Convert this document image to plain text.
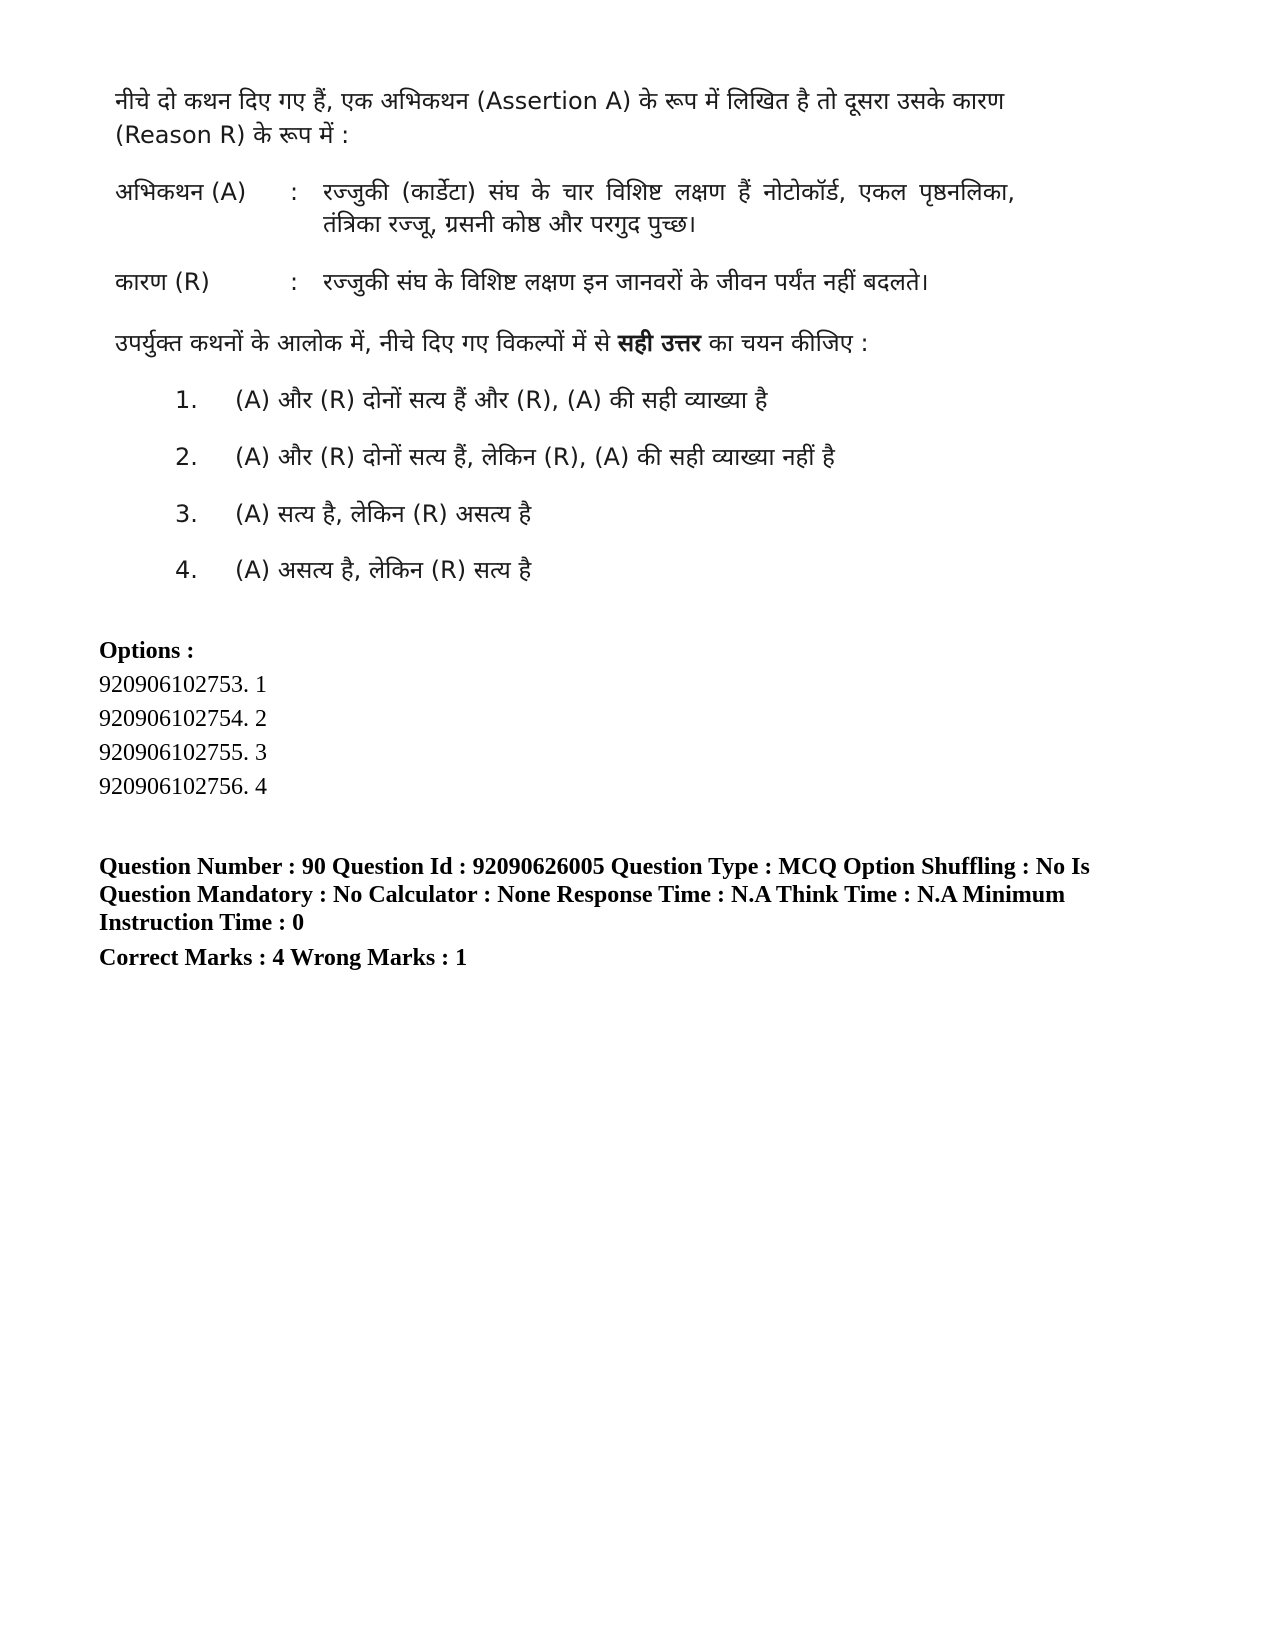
नीचे दो कथन दिए गए हैं, एक अभिकथन (Assertion A) के रूप में लिखित है तो दूसरा उसके कारण (Reason R) के रूप में :
अभिकथन (A)	: रज्जुकी (कार्डेटा) संघ के चार विशिष्ट लक्षण हैं नोटोकॉर्ड, एकल पृष्ठनलिका, तंत्रिका रज्जू, ग्रसनी कोष्ठ और परगुद पुच्छ।
कारण (R)	: रज्जुकी संघ के विशिष्ट लक्षण इन जानवरों के जीवन पर्यंत नहीं बदलते।
उपर्युक्त कथनों के आलोक में, नीचे दिए गए विकल्पों में से सही उत्तर का चयन कीजिए :
1. (A) और (R) दोनों सत्य हैं और (R), (A) की सही व्याख्या है
2. (A) और (R) दोनों सत्य हैं, लेकिन (R), (A) की सही व्याख्या नहीं है
3. (A) सत्य है, लेकिन (R) असत्य है
4. (A) असत्य है, लेकिन (R) सत्य है
Options :
920906102753. 1
920906102754. 2
920906102755. 3
920906102756. 4
Question Number : 90 Question Id : 92090626005 Question Type : MCQ Option Shuffling : No Is Question Mandatory : No Calculator : None Response Time : N.A Think Time : N.A Minimum Instruction Time : 0
Correct Marks : 4 Wrong Marks : 1
